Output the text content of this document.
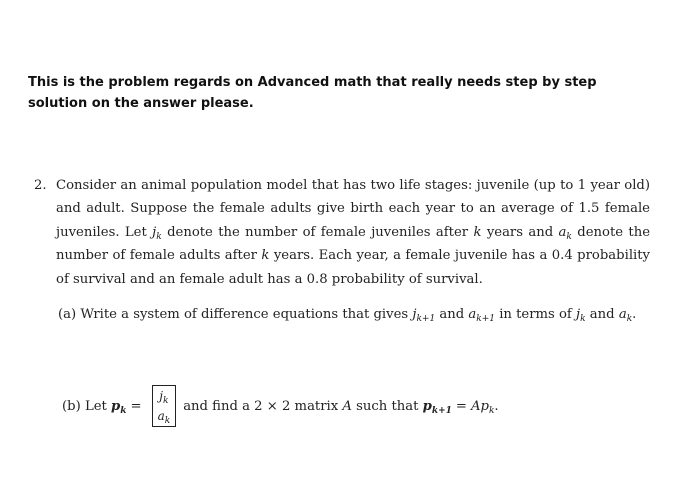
This is the problem regards on Advanced math that really needs step by step solution on the answer please.
2. Consider an animal population model that has two life stages: juvenile (up to 1 year old) and adult. Suppose the female adults give birth each year to an average of 1.5 female juveniles. Let $j_k$ denote the number of female juveniles after k years and $a_k$ denote the number of female adults after k years. Each year, a female juvenile has a 0.4 probability of survival and an female adult has a 0.8 probability of survival.
(a) Write a system of difference equations that gives $j_{k+1}$ and $a_{k+1}$ in terms of $j_k$ and $a_k$.
(b)
Let
$p_k$ =
$j_k$
$a_k$
and find a 2 × 2 matrix
A
such that
$p_{k+1} = Ap_k$ .
